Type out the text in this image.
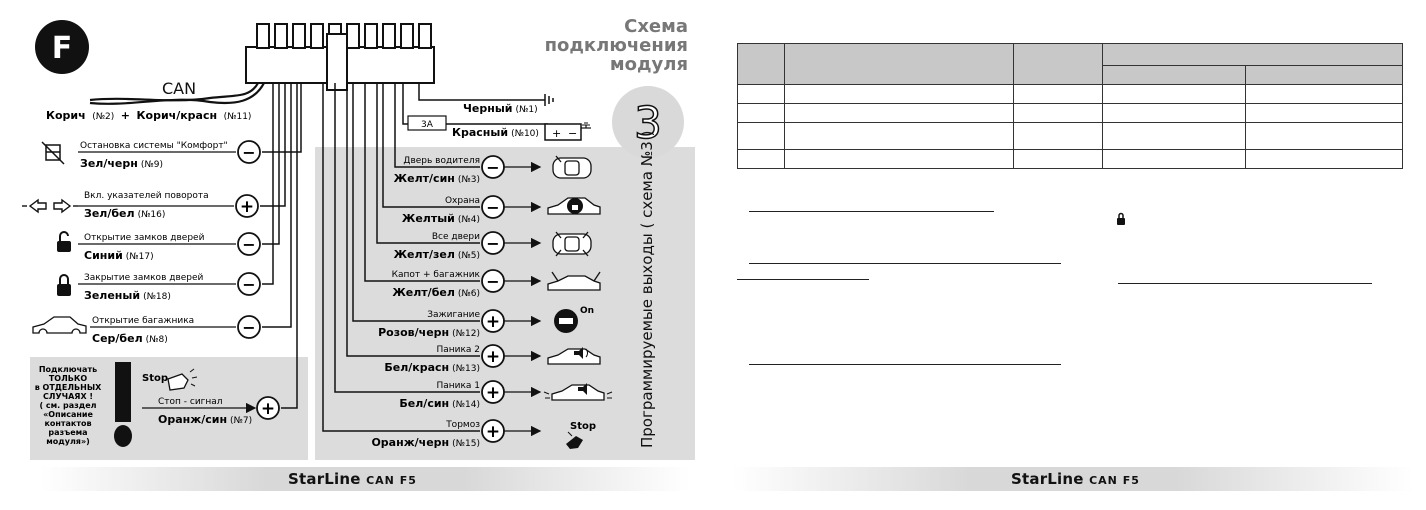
F
Схема
подключения
модуля
3
Программируемые выходы ( схема №3 )
CAN
Корич (№2) + Корич/красн (№11)
Черный (№1)
3А
Красный (№10) + −
−
Остановка системы "Комфорт"
Зел/черн (№9)
+
Вкл. указателей поворота
Зел/бел (№16)
−
Открытие замков дверей
Синий (№17)
−
Закрытие замков дверей
Зеленый (№18)
−
Открытие багажника
Сер/бел (№8)
Подключать
ТОЛЬКО
в ОТДЕЛЬНЫХ
СЛУЧАЯХ !
( см. раздел
«Описание
контактов
разъема
модуля»)
Stop
+
Стоп - сигнал
Оранж/син (№7)
−
Дверь водителя
Желт/син (№3)
−
Охрана
Желтый (№4)
−
Все двери
Желт/зел (№5)
−
Капот + багажник
Желт/бел (№6)
+
Зажигание
Розов/черн (№12)
On
+
Паника 2
Бел/красн (№13)
+
Паника 1
Бел/син (№14)
+
Тормоз
Оранж/черн (№15)
Stop
StarLine CAN F5

					StarLine CAN F5
